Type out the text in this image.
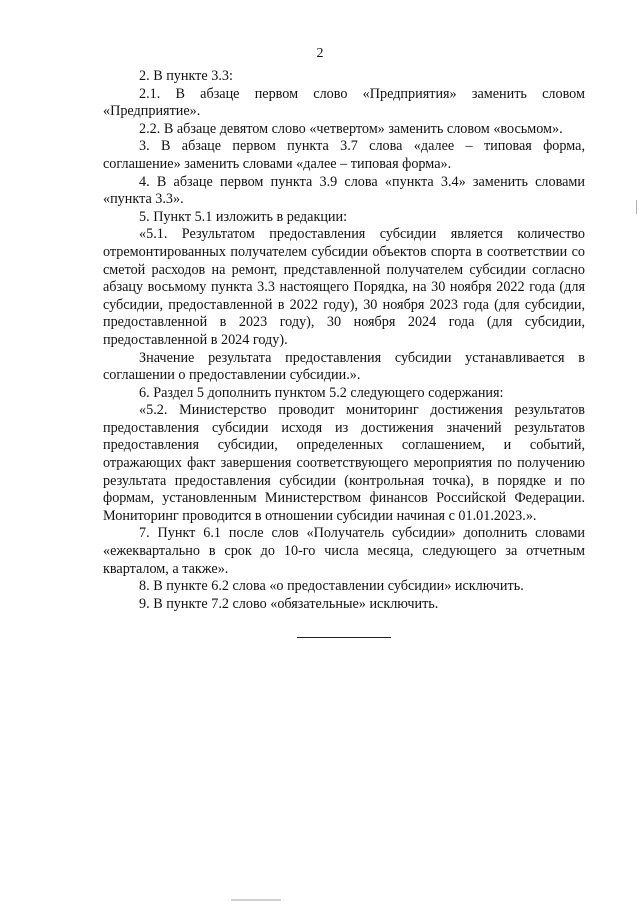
2

2. В пункте 3.3:

2.1. В абзаце первом слово «Предприятия» заменить словом «Предприятие».

2.2. В абзаце девятом слово «четвертом» заменить словом «восьмом».

3. В абзаце первом пункта 3.7 слова «далее – типовая форма, соглашение» заменить словами «далее – типовая форма».

4. В абзаце первом пункта 3.9 слова «пункта 3.4» заменить словами «пункта 3.3».

5. Пункт 5.1 изложить в редакции:

«5.1. Результатом предоставления субсидии является количество отремонтированных получателем субсидии объектов спорта в соответствии со сметой расходов на ремонт, представленной получателем субсидии согласно абзацу восьмому пункта 3.3 настоящего Порядка, на 30 ноября 2022 года (для субсидии, предоставленной в 2022 году), 30 ноября 2023 года (для субсидии, предоставленной в 2023 году), 30 ноября 2024 года (для субсидии, предоставленной в 2024 году).

Значение результата предоставления субсидии устанавливается в соглашении о предоставлении субсидии.».

6. Раздел 5 дополнить пунктом 5.2 следующего содержания:

«5.2. Министерство проводит мониторинг достижения результатов предоставления субсидии исходя из достижения значений результатов предоставления субсидии, определенных соглашением, и событий, отражающих факт завершения соответствующего мероприятия по получению результата предоставления субсидии (контрольная точка), в порядке и по формам, установленным Министерством финансов Российской Федерации. Мониторинг проводится в отношении субсидии начиная с 01.01.2023.».

7. Пункт 6.1 после слов «Получатель субсидии» дополнить словами «ежеквартально в срок до 10-го числа месяца, следующего за отчетным кварталом, а также».

8. В пункте 6.2 слова «о предоставлении субсидии» исключить.

9. В пункте 7.2 слово «обязательные» исключить.
